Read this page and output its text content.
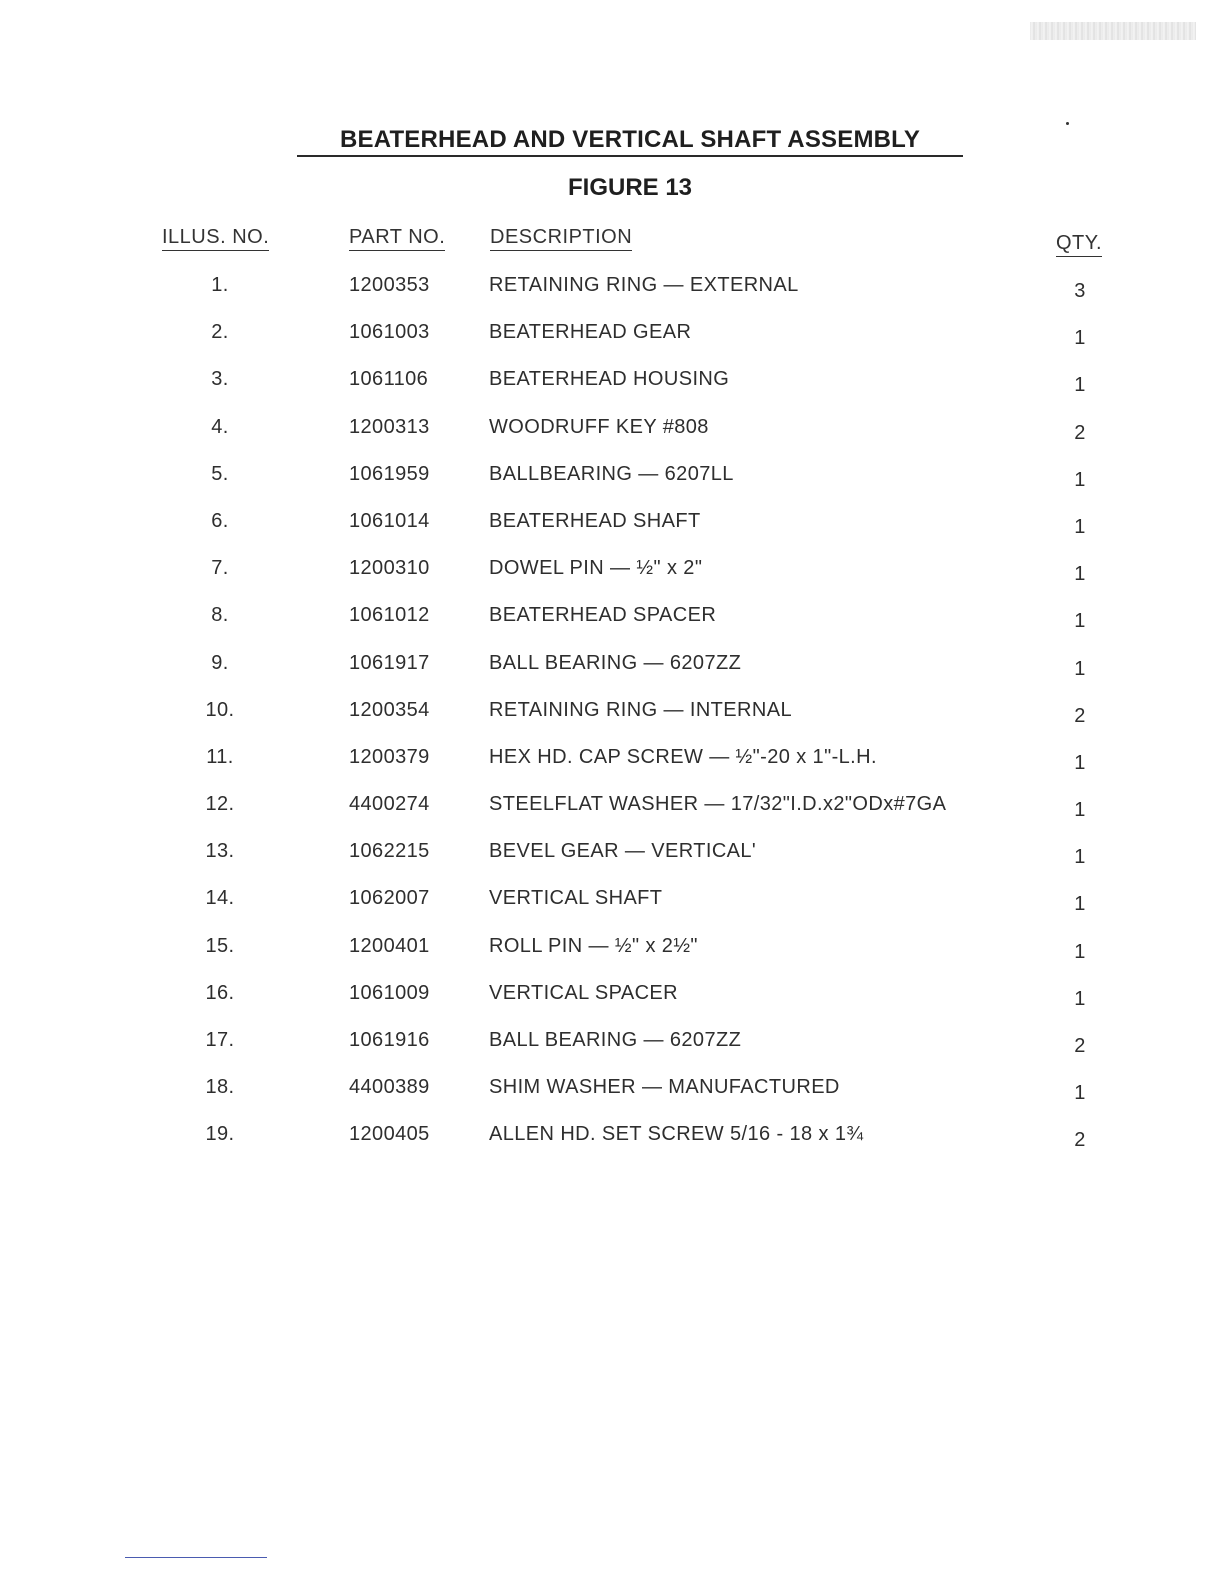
BEATERHEAD AND VERTICAL SHAFT ASSEMBLY
FIGURE 13
ILLUS. NO.	PART NO. DESCRIPTION	QTY.
1.	1200353	RETAINING RING — EXTERNAL	3
2.	1061003	BEATERHEAD GEAR	1
3.	1061106	BEATERHEAD HOUSING	1
4.	1200313	WOODRUFF KEY #808	2
5.	1061959	BALLBEARING — 6207LL	1
6.	1061014	BEATERHEAD SHAFT	1
7.	1200310	DOWEL PIN — ½" x 2"	1
8.	1061012	BEATERHEAD SPACER	1
9.	1061917	BALL BEARING — 6207ZZ	1
10.	1200354	RETAINING RING — INTERNAL	2
11.	1200379	HEX HD. CAP SCREW — ½"-20 x 1"-L.H.	1
12.	4400274	STEELFLAT WASHER — 17/32"I.D.x2"ODx#7GA	1
13.	1062215	BEVEL GEAR — VERTICAL'	1
14.	1062007	VERTICAL SHAFT	1
15.	1200401	ROLL PIN — ½" x 2½"	1
16.	1061009	VERTICAL SPACER	1
17.	1061916	BALL BEARING — 6207ZZ	2
18.	4400389	SHIM WASHER — MANUFACTURED	1
19.	1200405	ALLEN HD. SET SCREW 5/16 - 18 x 1¾	2
